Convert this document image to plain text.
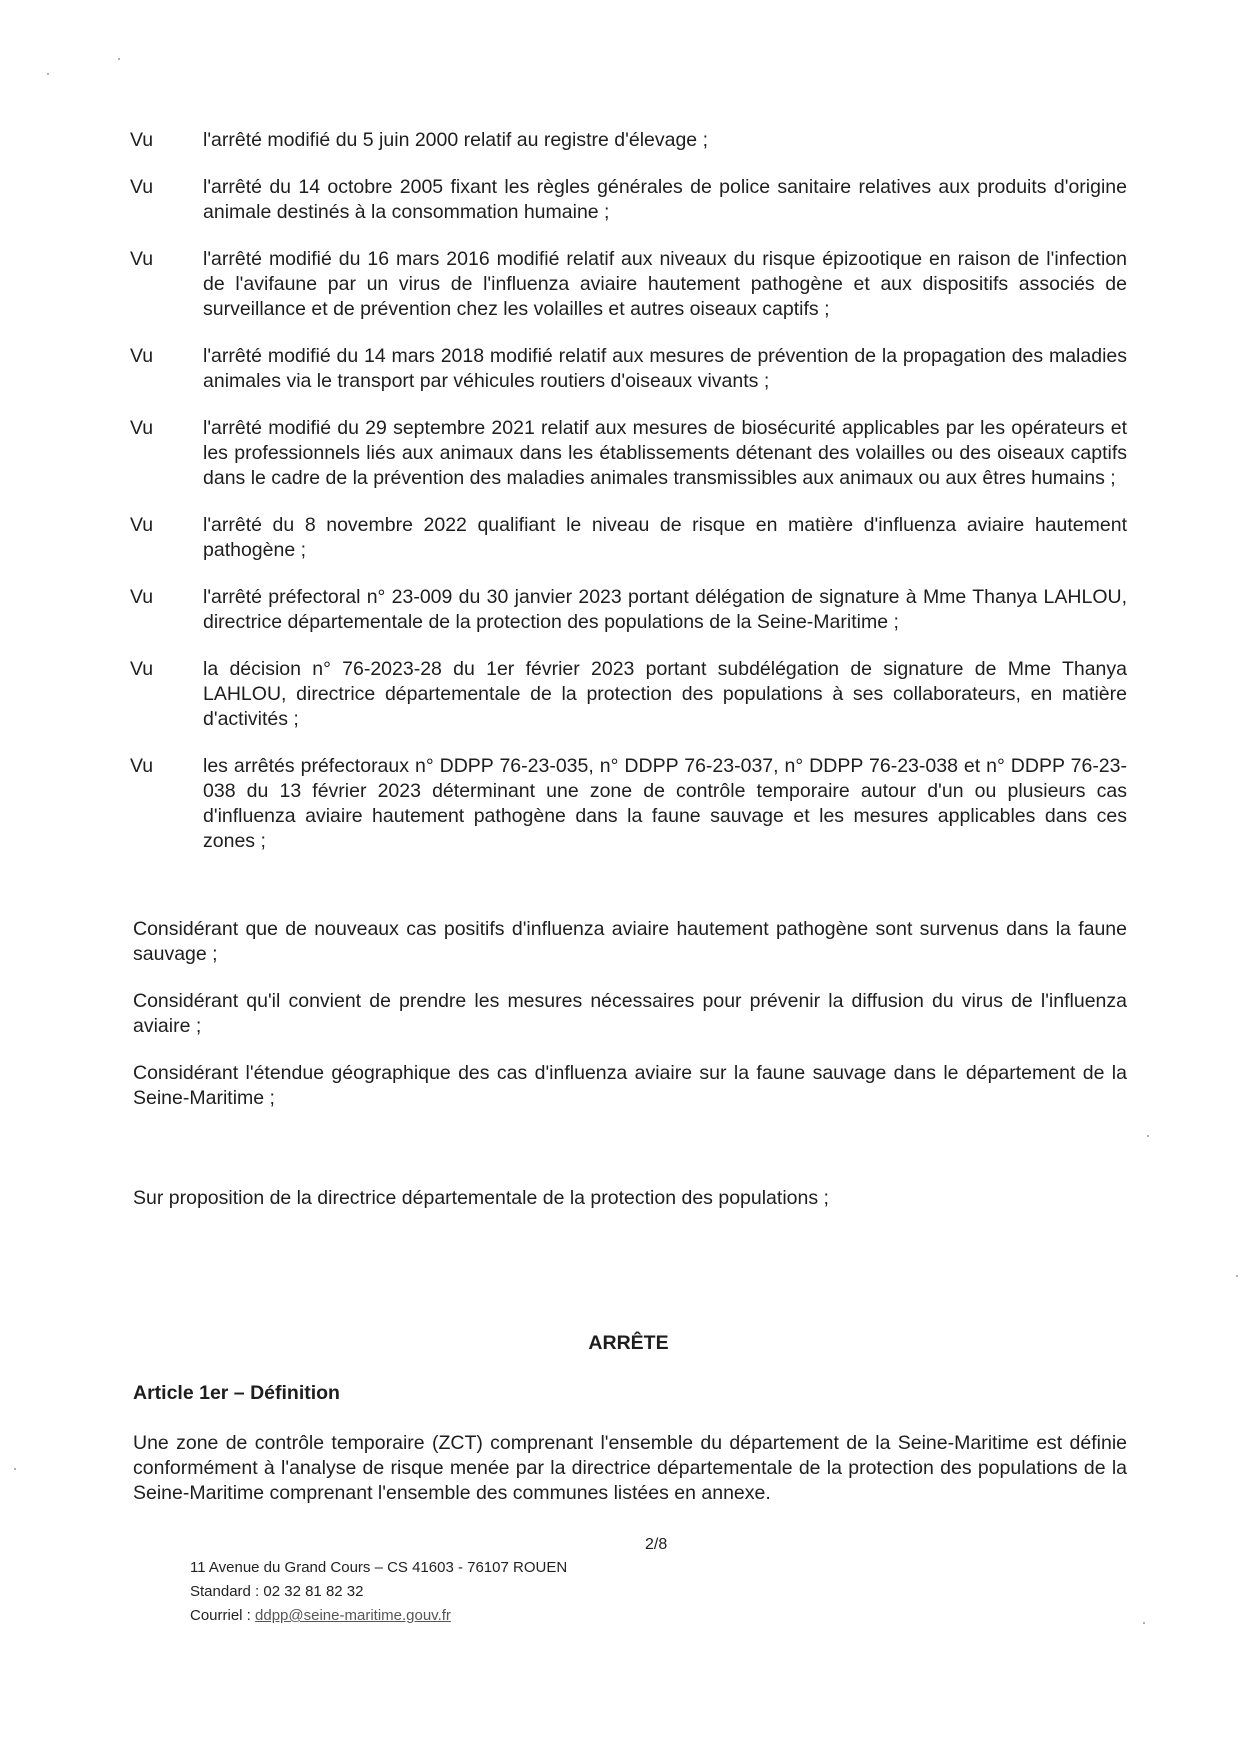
Vu	l'arrêté modifié du 5 juin 2000 relatif au registre d'élevage ;
Vu	l'arrêté du 14 octobre 2005 fixant les règles générales de police sanitaire relatives aux produits d'origine animale destinés à la consommation humaine ;
Vu	l'arrêté modifié du 16 mars 2016 modifié relatif aux niveaux du risque épizootique en raison de l'infection de l'avifaune par un virus de l'influenza aviaire hautement pathogène et aux dispositifs associés de surveillance et de prévention chez les volailles et autres oiseaux captifs ;
Vu	l'arrêté modifié du 14 mars 2018 modifié relatif aux mesures de prévention de la propagation des maladies animales via le transport par véhicules routiers d'oiseaux vivants ;
Vu	l'arrêté modifié du 29 septembre 2021 relatif aux mesures de biosécurité applicables par les opérateurs et les professionnels liés aux animaux dans les établissements détenant des volailles ou des oiseaux captifs dans le cadre de la prévention des maladies animales transmissibles aux animaux ou aux êtres humains ;
Vu	l'arrêté du 8 novembre 2022 qualifiant le niveau de risque en matière d'influenza aviaire hautement pathogène ;
Vu	l'arrêté préfectoral n° 23-009 du 30 janvier 2023 portant délégation de signature à Mme Thanya LAHLOU, directrice départementale de la protection des populations de la Seine-Maritime ;
Vu	la décision n° 76-2023-28 du 1er février 2023 portant subdélégation de signature de Mme Thanya LAHLOU, directrice départementale de la protection des populations à ses collaborateurs, en matière d'activités ;
Vu	les arrêtés préfectoraux n° DDPP 76-23-035, n° DDPP 76-23-037, n° DDPP 76-23-038 et n° DDPP 76-23-038 du 13 février 2023 déterminant une zone de contrôle temporaire autour d'un ou plusieurs cas d'influenza aviaire hautement pathogène dans la faune sauvage et les mesures applicables dans ces zones ;

Considérant que de nouveaux cas positifs d'influenza aviaire hautement pathogène sont survenus dans la faune sauvage ;

Considérant qu'il convient de prendre les mesures nécessaires pour prévenir la diffusion du virus de l'influenza aviaire ;

Considérant l'étendue géographique des cas d'influenza aviaire sur la faune sauvage dans le département de la Seine-Maritime ;

Sur proposition de la directrice départementale de la protection des populations ;

ARRÊTE

Article 1er – Définition

Une zone de contrôle temporaire (ZCT) comprenant l'ensemble du département de la Seine-Maritime est définie conformément à l'analyse de risque menée par la directrice départementale de la protection des populations de la Seine-Maritime comprenant l'ensemble des communes listées en annexe.

2/8
11 Avenue du Grand Cours – CS 41603 - 76107 ROUEN
Standard : 02 32 81 82 32
Courriel : ddpp@seine-maritime.gouv.fr
